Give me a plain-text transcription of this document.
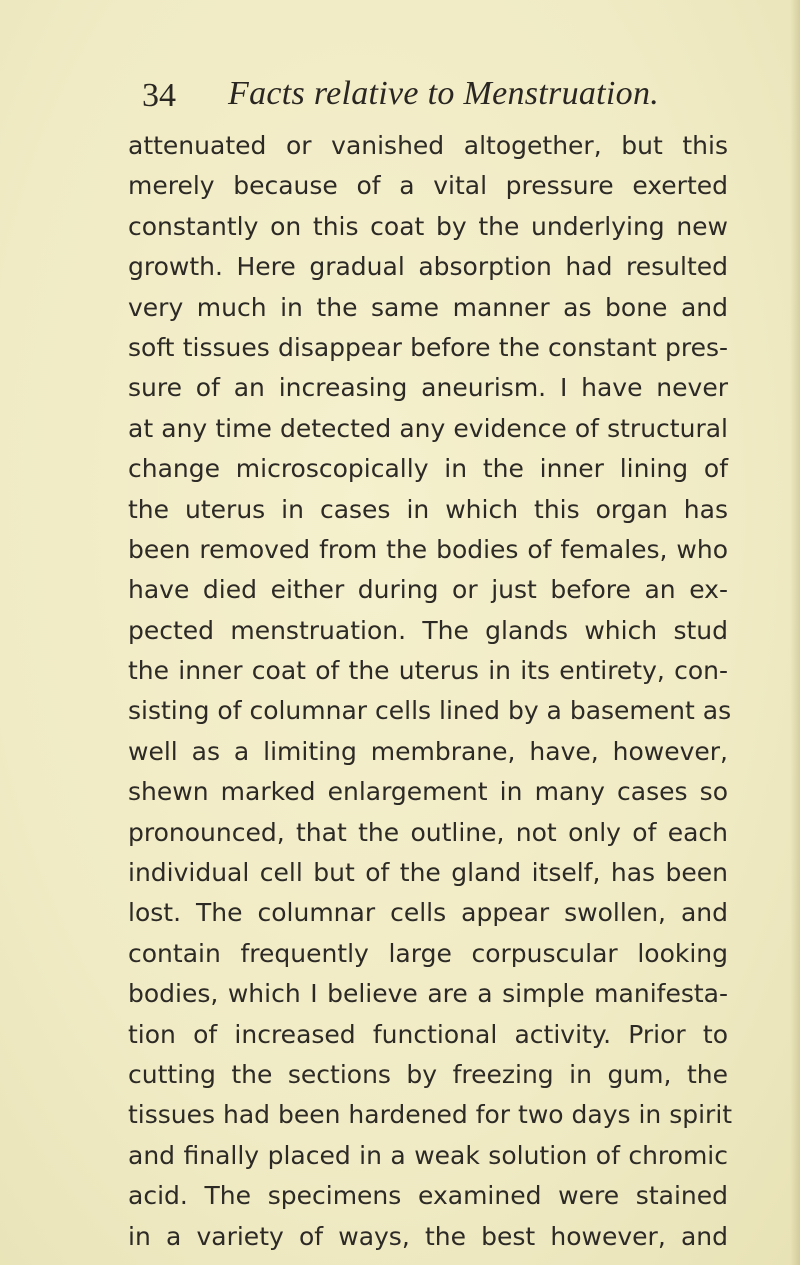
34 Facts relative to Menstruation.
attenuated or vanished altogether, but this
merely because of a vital pressure exerted
constantly on this coat by the underlying new
growth. Here gradual absorption had resulted
very much in the same manner as bone and
soft tissues disappear before the constant pres-
sure of an increasing aneurism. I have never
at any time detected any evidence of structural
change microscopically in the inner lining of
the uterus in cases in which this organ has
been removed from the bodies of females, who
have died either during or just before an ex-
pected menstruation. The glands which stud
the inner coat of the uterus in its entirety, con-
sisting of columnar cells lined by a basement as
well as a limiting membrane, have, however,
shewn marked enlargement in many cases so
pronounced, that the outline, not only of each
individual cell but of the gland itself, has been
lost. The columnar cells appear swollen, and
contain frequently large corpuscular looking
bodies, which I believe are a simple manifesta-
tion of increased functional activity. Prior to
cutting the sections by freezing in gum, the
tissues had been hardened for two days in spirit
and finally placed in a weak solution of chromic
acid. The specimens examined were stained
in a variety of ways, the best however, and
